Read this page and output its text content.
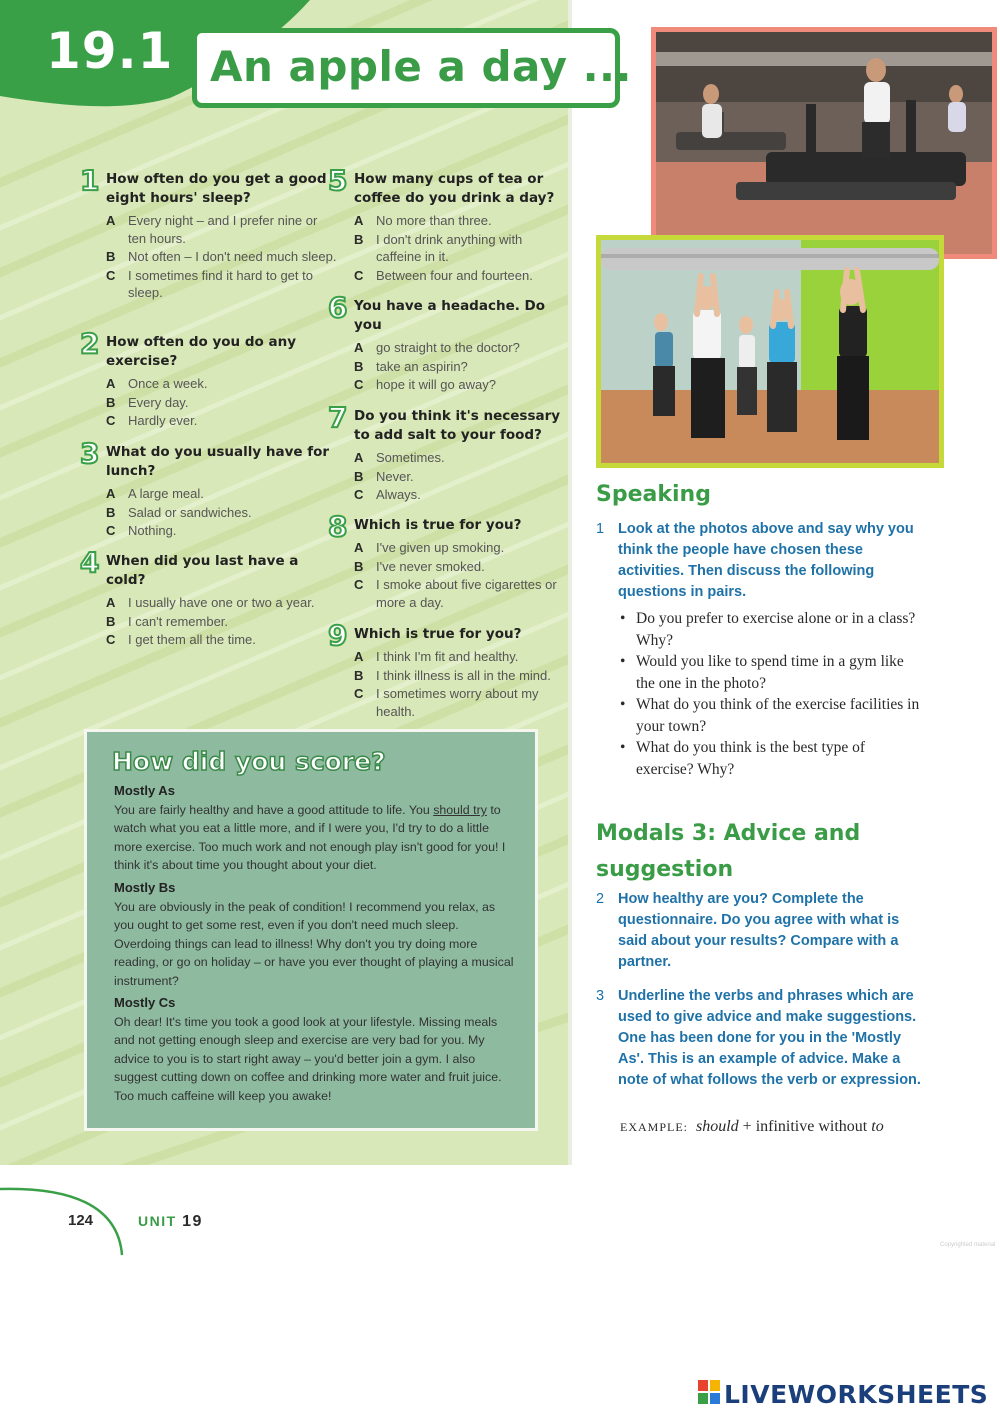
19.1 An apple a day ...
1 How often do you get a good eight hours' sleep?
A Every night – and I prefer nine or ten hours.
B Not often – I don't need much sleep.
C I sometimes find it hard to get to sleep.
2 How often do you do any exercise?
A Once a week.
B Every day.
C Hardly ever.
3 What do you usually have for lunch?
A A large meal.
B Salad or sandwiches.
C Nothing.
4 When did you last have a cold?
A I usually have one or two a year.
B I can't remember.
C I get them all the time.
5 How many cups of tea or coffee do you drink a day?
A No more than three.
B I don't drink anything with caffeine in it.
C Between four and fourteen.
6 You have a headache. Do you
A go straight to the doctor?
B take an aspirin?
C hope it will go away?
7 Do you think it's necessary to add salt to your food?
A Sometimes.
B Never.
C Always.
8 Which is true for you?
A I've given up smoking.
B I've never smoked.
C I smoke about five cigarettes or more a day.
9 Which is true for you?
A I think I'm fit and healthy.
B I think illness is all in the mind.
C I sometimes worry about my health.
How did you score?
Mostly As
You are fairly healthy and have a good attitude to life. You should try to watch what you eat a little more, and if I were you, I'd try to do a little more exercise. Too much work and not enough play isn't good for you! I think it's about time you thought about your diet.
Mostly Bs
You are obviously in the peak of condition! I recommend you relax, as you ought to get some rest, even if you don't need much sleep. Overdoing things can lead to illness! Why don't you try doing more reading, or go on holiday – or have you ever thought of playing a musical instrument?
Mostly Cs
Oh dear! It's time you took a good look at your lifestyle. Missing meals and not getting enough sleep and exercise are very bad for you. My advice to you is to start right away – you'd better join a gym. I also suggest cutting down on coffee and drinking more water and fruit juice. Too much caffeine will keep you awake!
124	UNIT 19
Speaking
1 Look at the photos above and say why you think the people have chosen these activities. Then discuss the following questions in pairs.
• Do you prefer to exercise alone or in a class? Why?
• Would you like to spend time in a gym like the one in the photo?
• What do you think of the exercise facilities in your town?
• What do you think is the best type of exercise? Why?
Modals 3: Advice and
suggestion
2 How healthy are you? Complete the questionnaire. Do you agree with what is said about your results? Compare with a partner.
3 Underline the verbs and phrases which are used to give advice and make suggestions. One has been done for you in the 'Mostly As'. This is an example of advice. Make a note of what follows the verb or expression.
EXAMPLE: should + infinitive without to
Copyrighted material
LIVEWORKSHEETS
